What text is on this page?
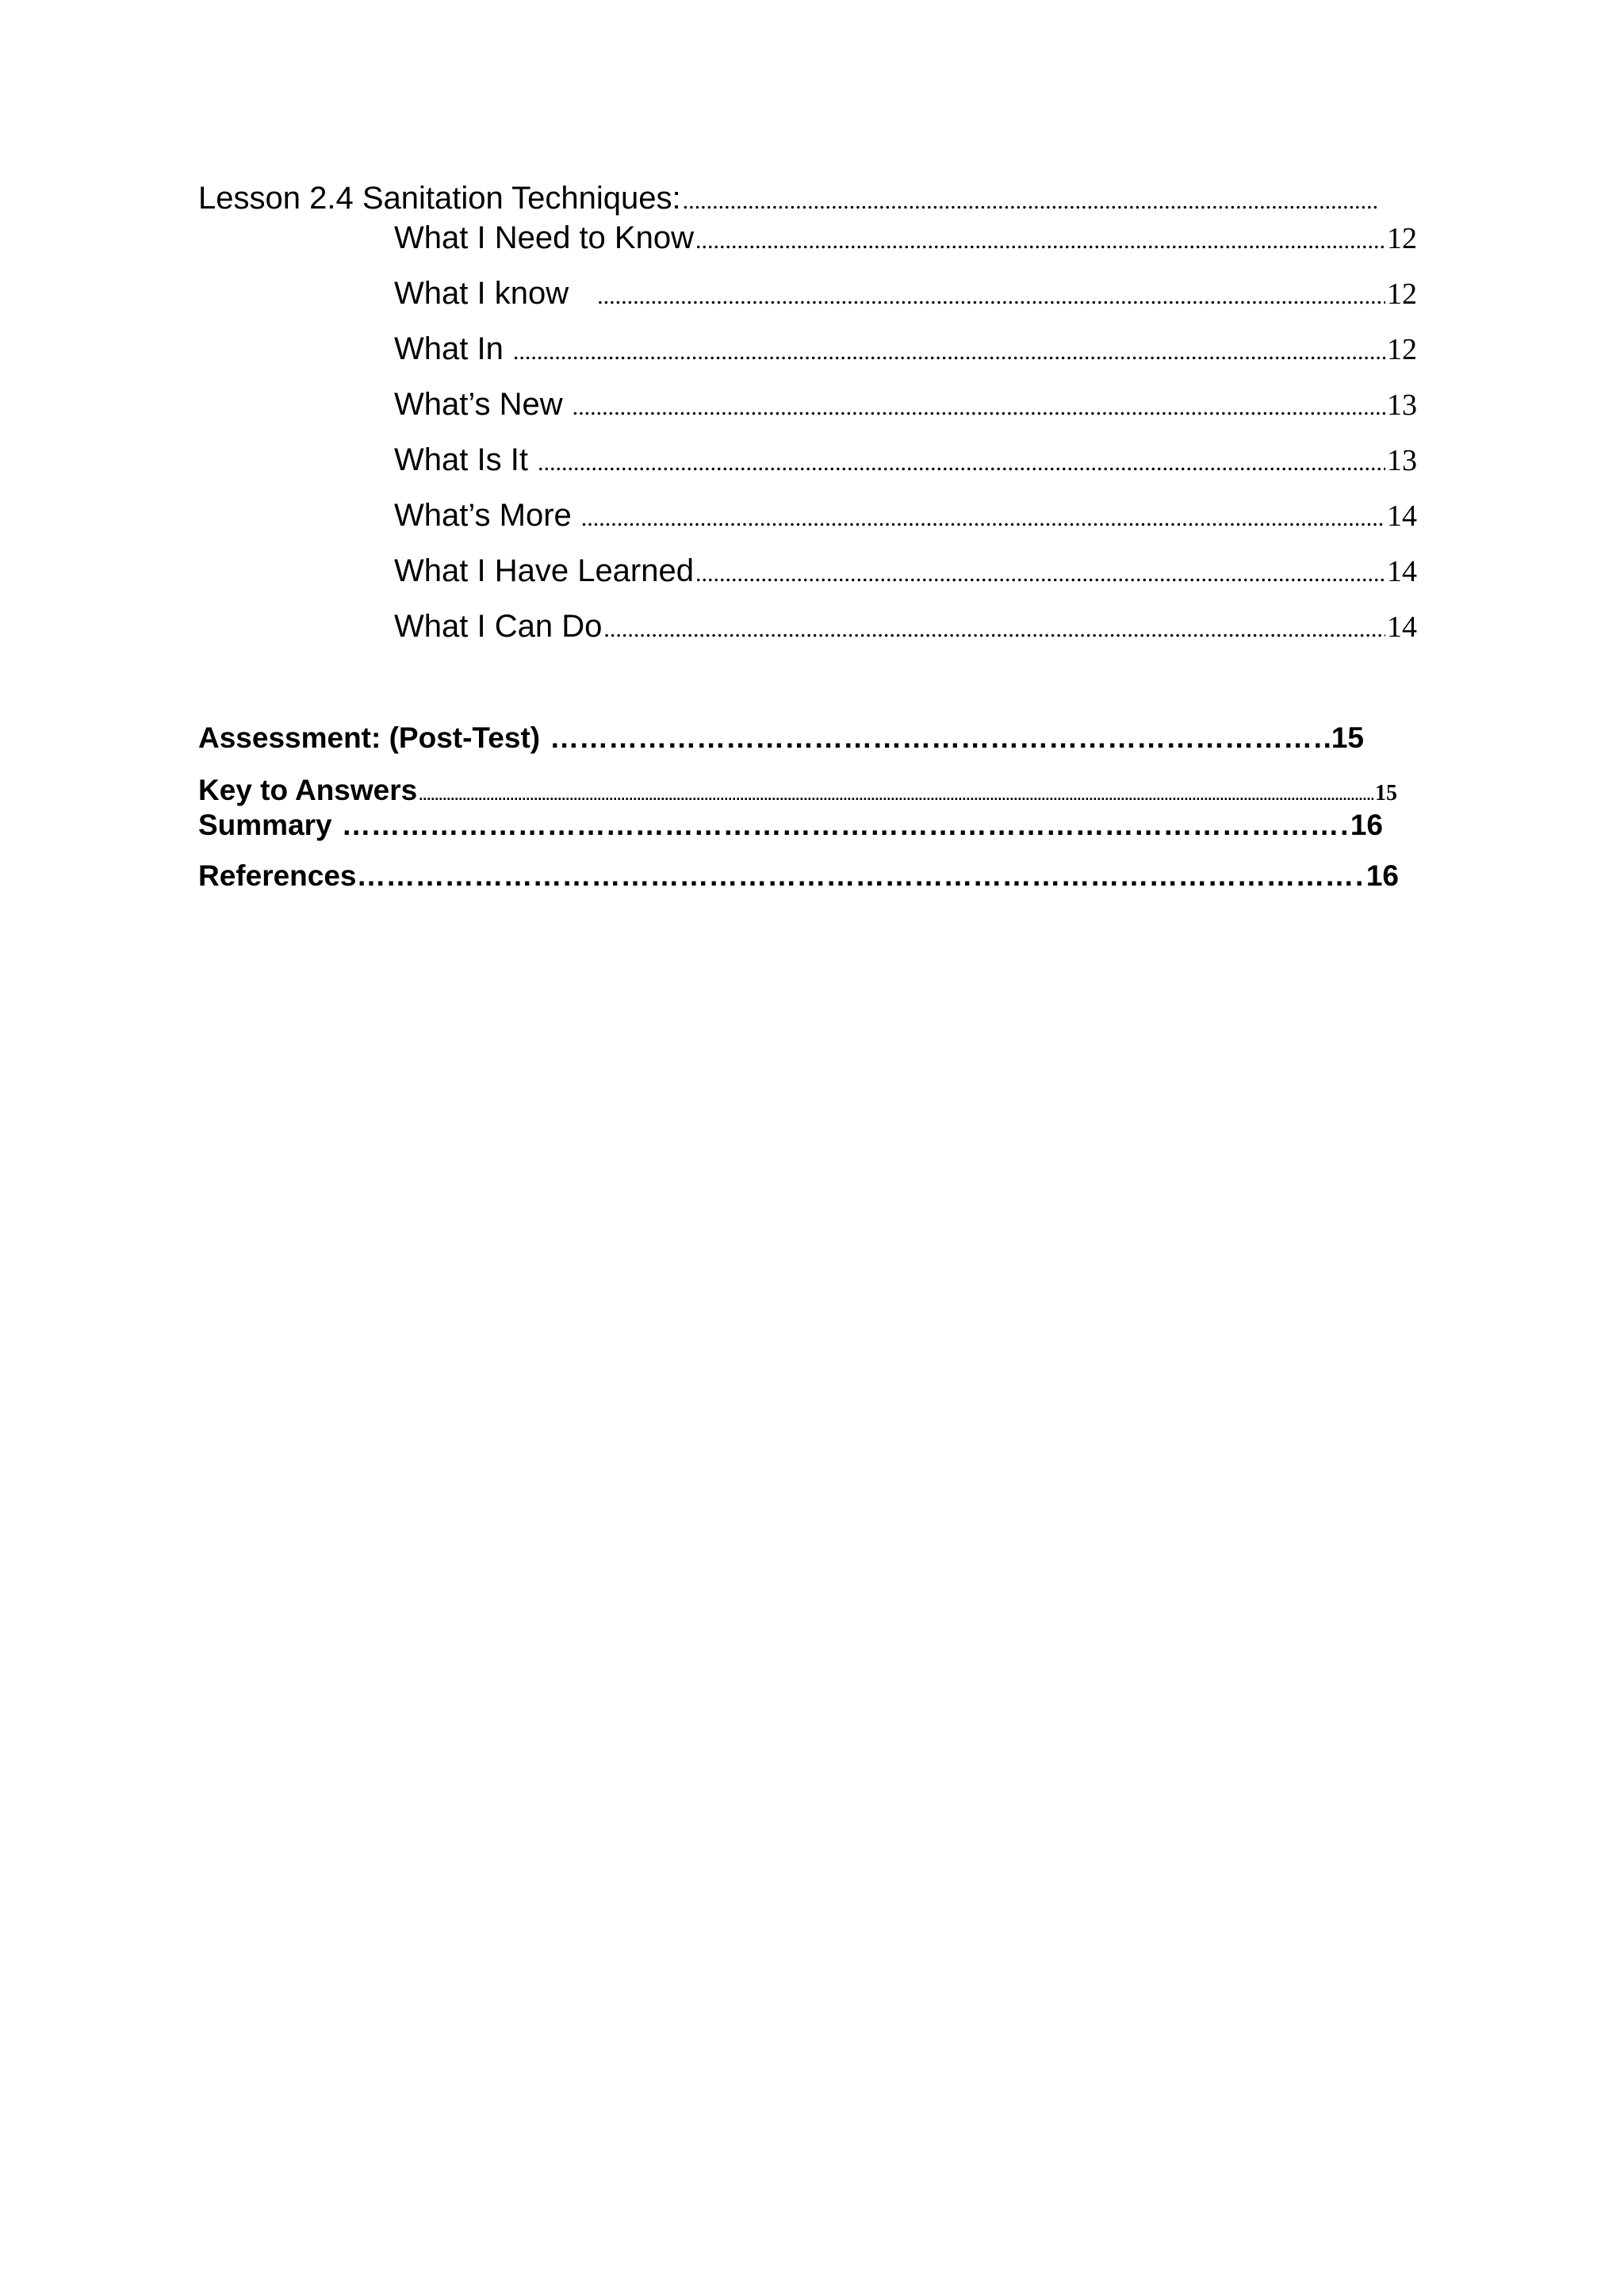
Lesson 2.4 Sanitation Techniques:
.....
What I Need to Know .....	12
What I know .....	12
What In .....	12
What’s New .....	13
What Is It .....	13
What’s More .....	14
What I Have Learned .....	14
What I Can Do .....	14
Assessment: (Post-Test) …………………………………………………………………………………………………………………………………………………………………………………………………………	.15
Key to Answers .....	15
Summary …………………………………………………………………………………………………………………………………………………………………………………………………………	16
References …………………………………………………………………………………………………………………………………………………………………………………………………………	16
